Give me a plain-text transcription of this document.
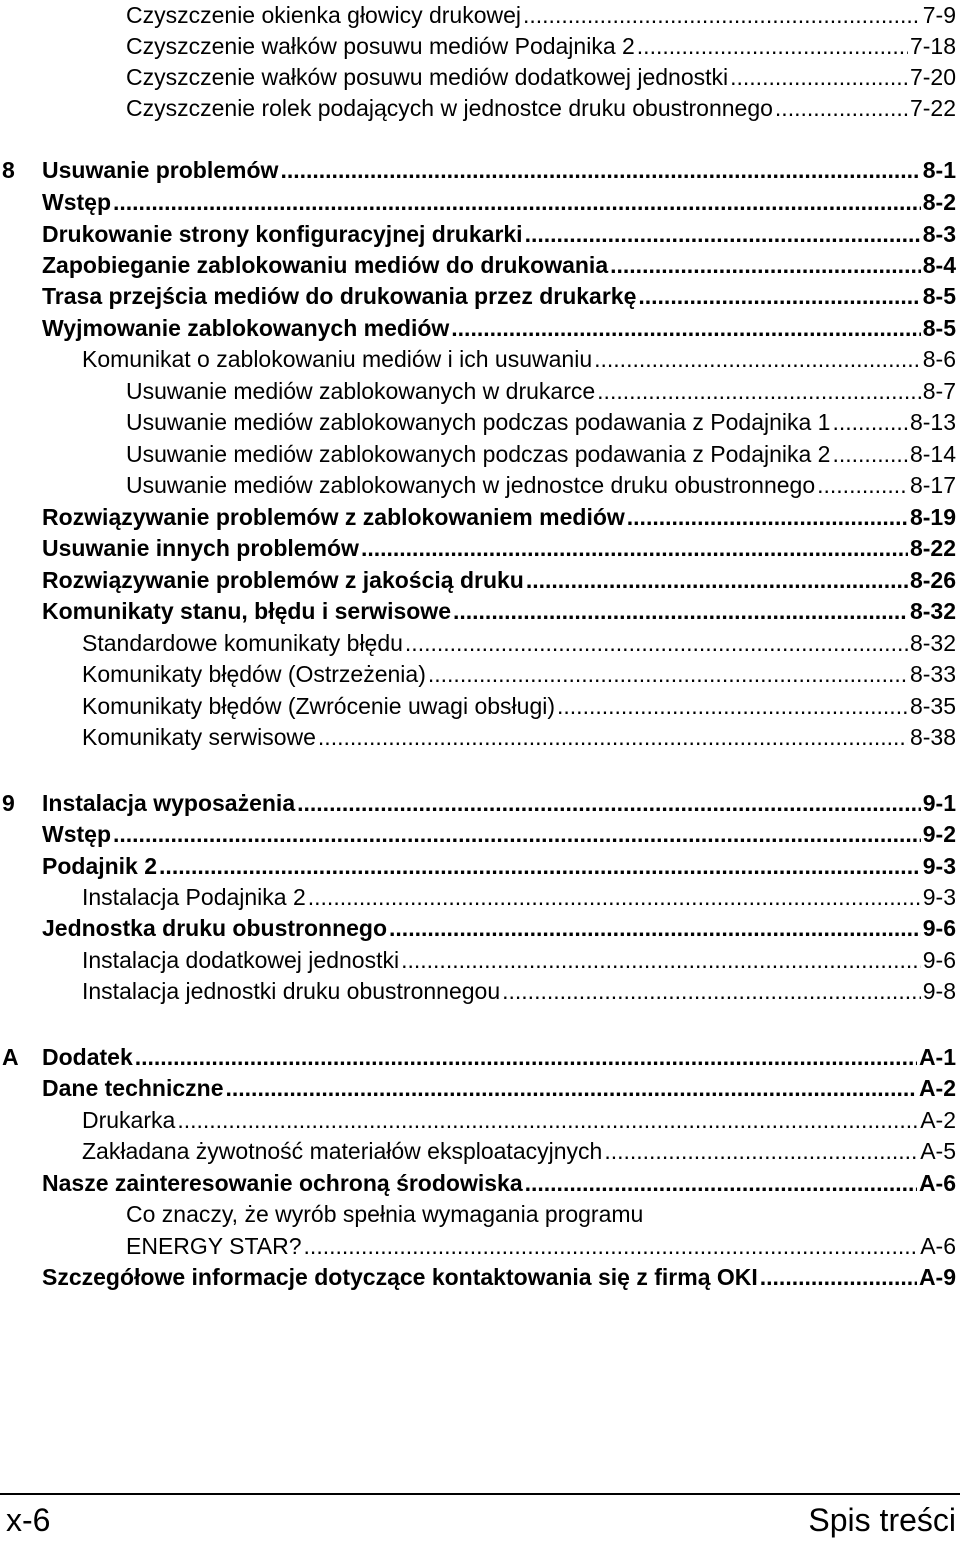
Czyszczenie okienka głowicy drukowej .....	7-9
Czyszczenie wałków posuwu mediów Podajnika 2 .....	7-18
Czyszczenie wałków posuwu mediów dodatkowej jednostki .....	7-20
Czyszczenie rolek podających w jednostce druku obustronnego .....	7-22
8 Usuwanie problemów .....	8-1
Wstęp .....	8-2
Drukowanie strony konfiguracyjnej drukarki .....	8-3
Zapobieganie zablokowaniu mediów do drukowania .....	8-4
Trasa przejścia mediów do drukowania przez drukarkę .....	8-5
Wyjmowanie zablokowanych mediów .....	8-5
Komunikat o zablokowaniu mediów i ich usuwaniu .....	8-6
Usuwanie mediów zablokowanych w drukarce .....	8-7
Usuwanie mediów zablokowanych podczas podawania z Podajnika 1 .....	8-13
Usuwanie mediów zablokowanych podczas podawania z Podajnika 2 .....	8-14
Usuwanie mediów zablokowanych w jednostce druku obustronnego .....	8-17
Rozwiązywanie problemów z zablokowaniem mediów .....	8-19
Usuwanie innych problemów .....	8-22
Rozwiązywanie problemów z jakością druku .....	8-26
Komunikaty stanu, błędu i serwisowe .....	8-32
Standardowe komunikaty błędu .....	8-32
Komunikaty błędów (Ostrzeżenia) .....	8-33
Komunikaty błędów (Zwrócenie uwagi obsługi) .....	8-35
Komunikaty serwisowe .....	8-38
9 Instalacja wyposażenia .....	9-1
Wstęp .....	9-2
Podajnik 2 .....	9-3
Instalacja Podajnika 2 .....	9-3
Jednostka druku obustronnego .....	9-6
Instalacja dodatkowej jednostki .....	9-6
Instalacja jednostki druku obustronnegou .....	9-8
A Dodatek .....	A-1
Dane techniczne .....	A-2
Drukarka .....	A-2
Zakładana żywotność materiałów eksploatacyjnych .....	A-5
Nasze zainteresowanie ochroną środowiska .....	A-6
Co znaczy, że wyrób spełnia wymagania programu
ENERGY STAR? .....	A-6
Szczegółowe informacje dotyczące kontaktowania się z firmą OKI .....	A-9
x-6	Spis treści
